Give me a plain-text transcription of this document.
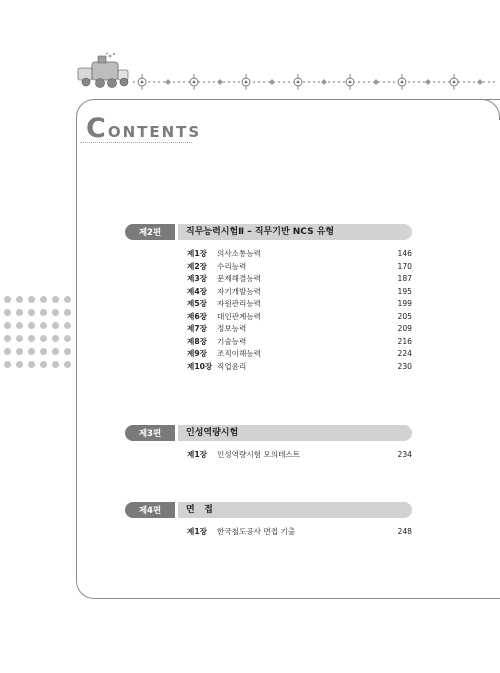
CONTENTS
제2편	직무능력시험Ⅱ – 직무기반 NCS 유형
제1장 의사소통능력	146
제2장 수리능력	170
제3장 문제해결능력	187
제4장 자기개발능력	195
제5장 자원관리능력	199
제6장 대인관계능력	205
제7장 정보능력	209
제8장 기술능력	216
제9장 조직이해능력	224
제10장 직업윤리	230
제3편	인성역량시험
제1장 인성역량시험 모의테스트	234
제4편	면   접
제1장 한국철도공사 면접 기출	248
